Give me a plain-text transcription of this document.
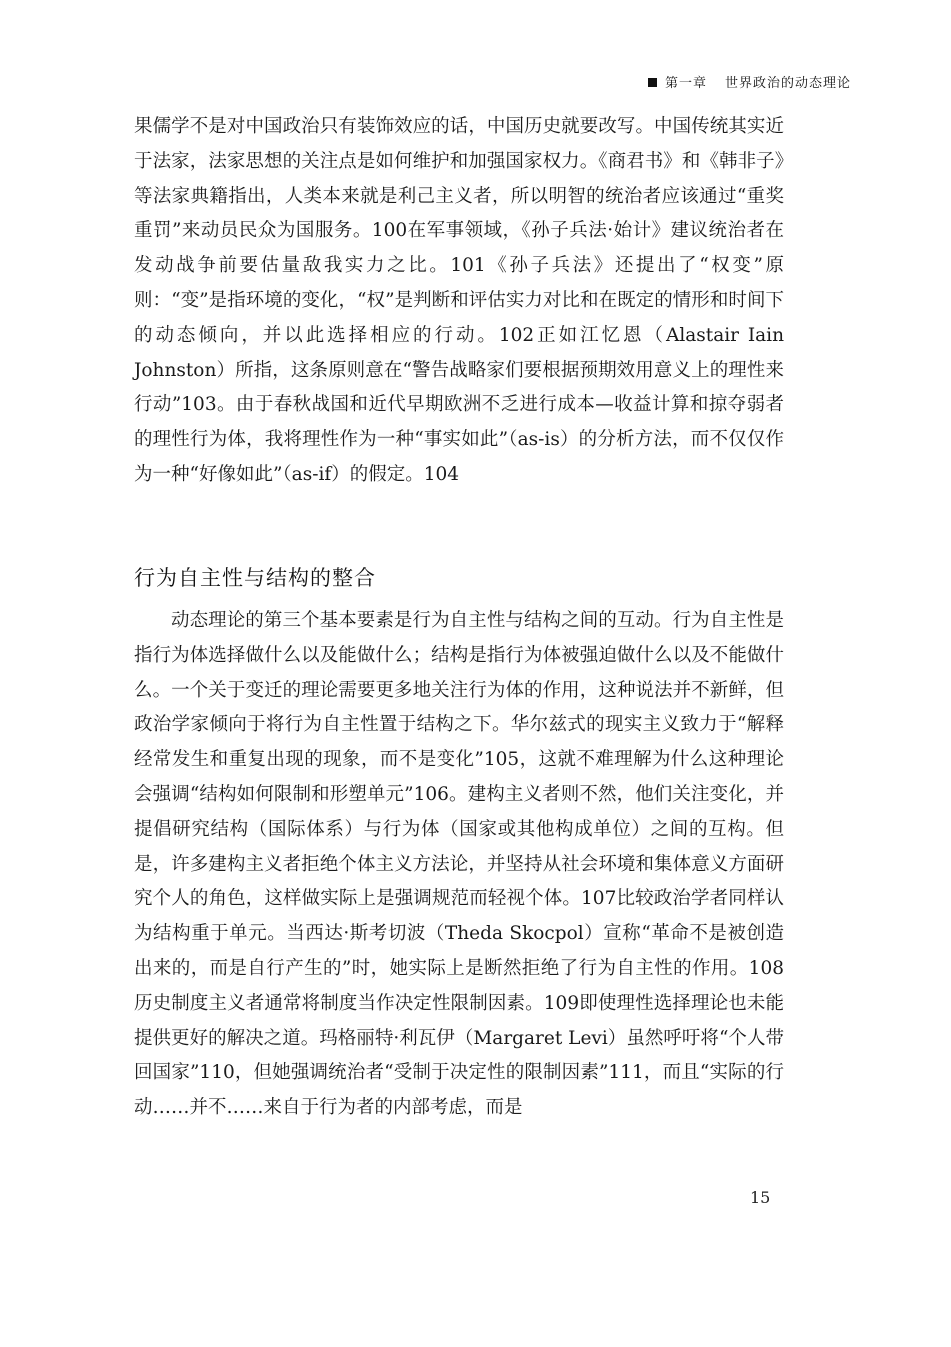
第一章 世界政治的动态理论

果儒学不是对中国政治只有装饰效应的话，中国历史就要改写。中国传统其实近于法家，法家思想的关注点是如何维护和加强国家权力。《商君书》和《韩非子》等法家典籍指出，人类本来就是利己主义者，所以明智的统治者应该通过“重奖重罚”来动员民众为国服务。100在军事领域，《孙子兵法·始计》建议统治者在发动战争前要估量敌我实力之比。101《孙子兵法》还提出了“权变”原则：“变”是指环境的变化，“权”是判断和评估实力对比和在既定的情形和时间下的动态倾向，并以此选择相应的行动。102正如江忆恩（Alastair Iain Johnston）所指，这条原则意在“警告战略家们要根据预期效用意义上的理性来行动”103。由于春秋战国和近代早期欧洲不乏进行成本—收益计算和掠夺弱者的理性行为体，我将理性作为一种“事实如此”（as-is）的分析方法，而不仅仅作为一种“好像如此”（as-if）的假定。104

行为自主性与结构的整合

动态理论的第三个基本要素是行为自主性与结构之间的互动。行为自主性是指行为体选择做什么以及能做什么；结构是指行为体被强迫做什么以及不能做什么。一个关于变迁的理论需要更多地关注行为体的作用，这种说法并不新鲜，但政治学家倾向于将行为自主性置于结构之下。华尔兹式的现实主义致力于“解释经常发生和重复出现的现象，而不是变化”105，这就不难理解为什么这种理论会强调“结构如何限制和形塑单元”106。建构主义者则不然，他们关注变化，并提倡研究结构（国际体系）与行为体（国家或其他构成单位）之间的互构。但是，许多建构主义者拒绝个体主义方法论，并坚持从社会环境和集体意义方面研究个人的角色，这样做实际上是强调规范而轻视个体。107比较政治学者同样认为结构重于单元。当西达·斯考切波（Theda Skocpol）宣称“革命不是被创造出来的，而是自行产生的”时，她实际上是断然拒绝了行为自主性的作用。108历史制度主义者通常将制度当作决定性限制因素。109即使理性选择理论也未能提供更好的解决之道。玛格丽特·利瓦伊（Margaret Levi）虽然呼吁将“个人带回国家”110，但她强调统治者“受制于决定性的限制因素”111，而且“实际的行动……并不……来自于行为者的内部考虑，而是

15
